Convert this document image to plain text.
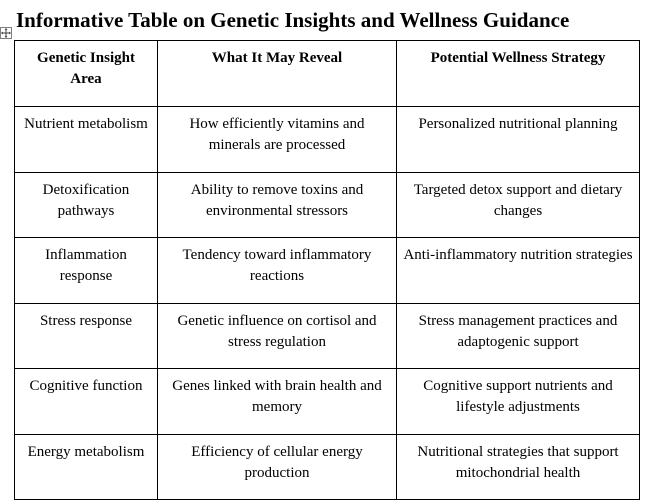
Informative Table on Genetic Insights and Wellness Guidance
Genetic Insight Area	What It May Reveal	Potential Wellness Strategy
Nutrient metabolism	How efficiently vitamins and minerals are processed	Personalized nutritional planning
Detoxification pathways	Ability to remove toxins and environmental stressors	Targeted detox support and dietary changes
Inflammation response	Tendency toward inflammatory reactions	Anti-inflammatory nutrition strategies
Stress response	Genetic influence on cortisol and stress regulation	Stress management practices and adaptogenic support
Cognitive function	Genes linked with brain health and memory	Cognitive support nutrients and lifestyle adjustments
Energy metabolism	Efficiency of cellular energy production	Nutritional strategies that support mitochondrial health
